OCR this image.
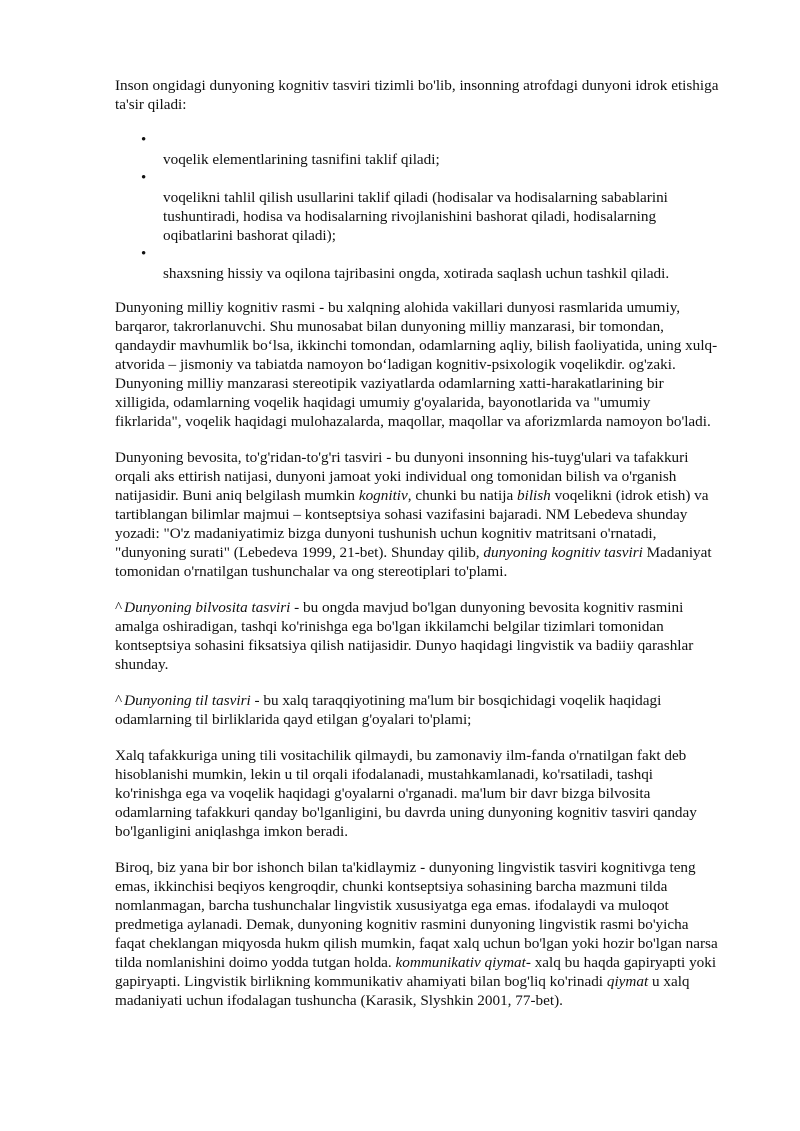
Inson ongidagi dunyoning kognitiv tasviri tizimli bo'lib, insonning atrofdagi dunyoni idrok etishiga ta'sir qiladi:

•
voqelik elementlarining tasnifini taklif qiladi;
•
voqelikni tahlil qilish usullarini taklif qiladi (hodisalar va hodisalarning sabablarini tushuntiradi, hodisa va hodisalarning rivojlanishini bashorat qiladi, hodisalarning oqibatlarini bashorat qiladi);
•
shaxsning hissiy va oqilona tajribasini ongda, xotirada saqlash uchun tashkil qiladi.

Dunyoning milliy kognitiv rasmi - bu xalqning alohida vakillari dunyosi rasmlarida umumiy, barqaror, takrorlanuvchi. Shu munosabat bilan dunyoning milliy manzarasi, bir tomondan, qandaydir mavhumlik bo‘lsa, ikkinchi tomondan, odamlarning aqliy, bilish faoliyatida, uning xulq-atvorida – jismoniy va tabiatda namoyon bo‘ladigan kognitiv-psixologik voqelikdir. og'zaki. Dunyoning milliy manzarasi stereotipik vaziyatlarda odamlarning xatti-harakatlarining bir xilligida, odamlarning voqelik haqidagi umumiy g'oyalarida, bayonotlarida va "umumiy fikrlarida", voqelik haqidagi mulohazalarda, maqollar, maqollar va aforizmlarda namoyon bo'ladi.

Dunyoning bevosita, to'g'ridan-to'g'ri tasviri - bu dunyoni insonning his-tuyg'ulari va tafakkuri orqali aks ettirish natijasi, dunyoni jamoat yoki individual ong tomonidan bilish va o'rganish natijasidir. Buni aniq belgilash mumkin kognitiv, chunki bu natija bilish voqelikni (idrok etish) va tartiblangan bilimlar majmui – kontseptsiya sohasi vazifasini bajaradi. NM Lebedeva shunday yozadi: "O'z madaniyatimiz bizga dunyoni tushunish uchun kognitiv matritsani o'rnatadi, "dunyoning surati" (Lebedeva 1999, 21-bet). Shunday qilib, dunyoning kognitiv tasviri Madaniyat tomonidan o'rnatilgan tushunchalar va ong stereotiplari to'plami.

^ Dunyoning bilvosita tasviri - bu ongda mavjud bo'lgan dunyoning bevosita kognitiv rasmini amalga oshiradigan, tashqi ko'rinishga ega bo'lgan ikkilamchi belgilar tizimlari tomonidan kontseptsiya sohasini fiksatsiya qilish natijasidir. Dunyo haqidagi lingvistik va badiiy qarashlar shunday.

^ Dunyoning til tasviri - bu xalq taraqqiyotining ma'lum bir bosqichidagi voqelik haqidagi odamlarning til birliklarida qayd etilgan g'oyalari to'plami;

Xalq tafakkuriga uning tili vositachilik qilmaydi, bu zamonaviy ilm-fanda o'rnatilgan fakt deb hisoblanishi mumkin, lekin u til orqali ifodalanadi, mustahkamlanadi, ko'rsatiladi, tashqi ko'rinishga ega va voqelik haqidagi g'oyalarni o'rganadi. ma'lum bir davr bizga bilvosita odamlarning tafakkuri qanday bo'lganligini, bu davrda uning dunyoning kognitiv tasviri qanday bo'lganligini aniqlashga imkon beradi.

Biroq, biz yana bir bor ishonch bilan ta'kidlaymiz - dunyoning lingvistik tasviri kognitivga teng emas, ikkinchisi beqiyos kengroqdir, chunki kontseptsiya sohasining barcha mazmuni tilda nomlanmagan, barcha tushunchalar lingvistik xususiyatga ega emas. ifodalaydi va muloqot predmetiga aylanadi. Demak, dunyoning kognitiv rasmini dunyoning lingvistik rasmi bo'yicha faqat cheklangan miqyosda hukm qilish mumkin, faqat xalq uchun bo'lgan yoki hozir bo'lgan narsa tilda nomlanishini doimo yodda tutgan holda. kommunikativ qiymat- xalq bu haqda gapiryapti yoki gapiryapti. Lingvistik birlikning kommunikativ ahamiyati bilan bog'liq ko'rinadi qiymat u xalq madaniyati uchun ifodalagan tushuncha (Karasik, Slyshkin 2001, 77-bet).
